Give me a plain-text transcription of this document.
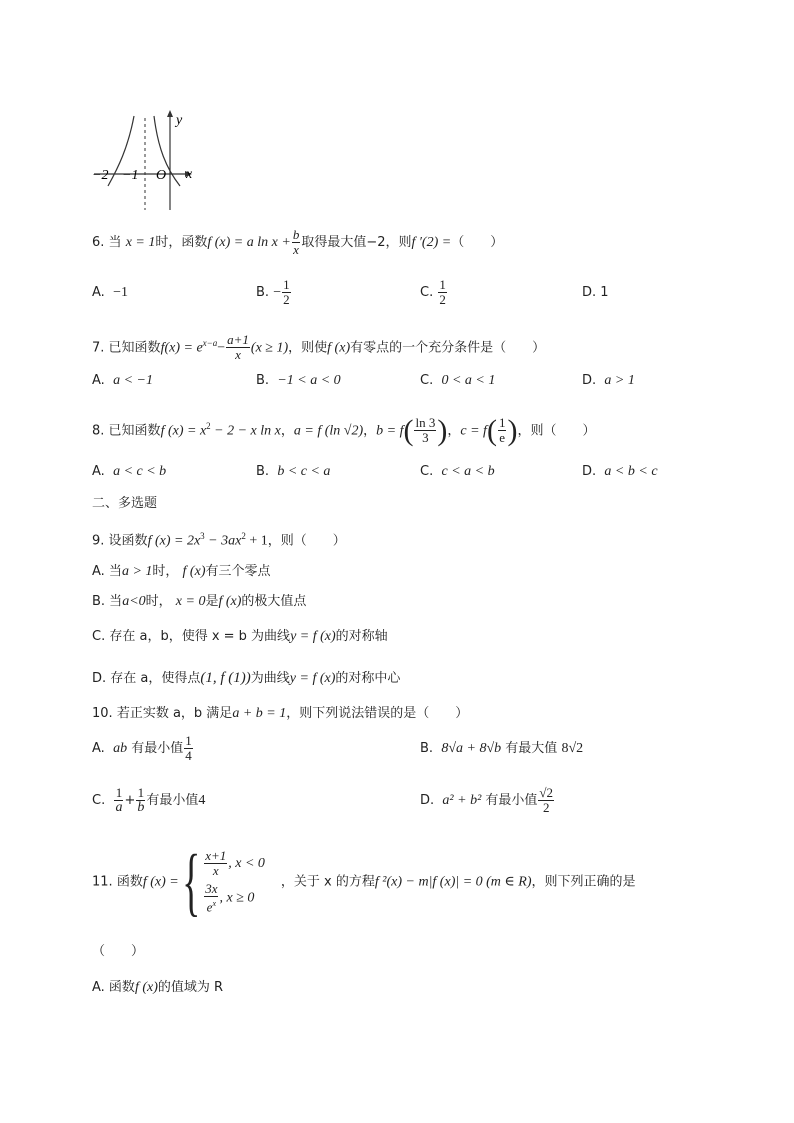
y
x
O
−2 −1
6. 当 x = 1时，函数f (x) = a $\ln x + \frac{b}{x}$ 取得最大值−2，则f ′(2) =（　　）
A. −1	B. − $\frac{1}{2}$	C. $\frac{1}{2}$	D. 1
7. 已知函数$f(x) = e^{x-a}- \frac{a+1}{x} (x \ge 1)$，则使f (x)有零点的一个充分条件是（　　）
A. a < −1	B. −1 < a < 0	C. 0 < a < 1	D. a > 1
8. 已知函数f $(x) = x^2 - 2 - x$ ln x，a = f (ln √2)，$b = f( \frac{\ln 3}{3}$ )，$c = f( \frac{1}{e}$ )，则（　　）
A. a < c < b	B. b < c < a	C. c < a < b	D. a < b < c
二、多选题
9. 设函数f $(x) = 2x^3 - 3ax^2 + 1$，则（　　）
A. 当a > 1时， f (x)有三个零点
B. 当a<0时， x = 0是f (x)的极大值点
C. 存在 a，b，使得 x = b 为曲线y = f (x)的对称轴
D. 存在 a，使得点(1, f (1))为曲线y = f (x)的对称中心
10. 若正实数 a，b 满足a + b = 1，则下列说法错误的是（　　）
A. ab 有最小值 $\frac{1}{4}$	B. 8√a + 8√b 有最大值 8√2
C. $\frac{1}{a} + \frac{1}{b}$ 有最小值4	D. a² + b² 有最小值 $\frac{√2}{2}$
11. 函数f (x) ={ $\frac{x+1}{x}$ , x < 0
$\frac{3x}{e^x}$ , x ≥ 0
，关于 x 的方程f ²(x) − m|f (x)| = 0 (m ∈ R)，则下列正确的是
（　　）
A. 函数f (x)的值域为 R
